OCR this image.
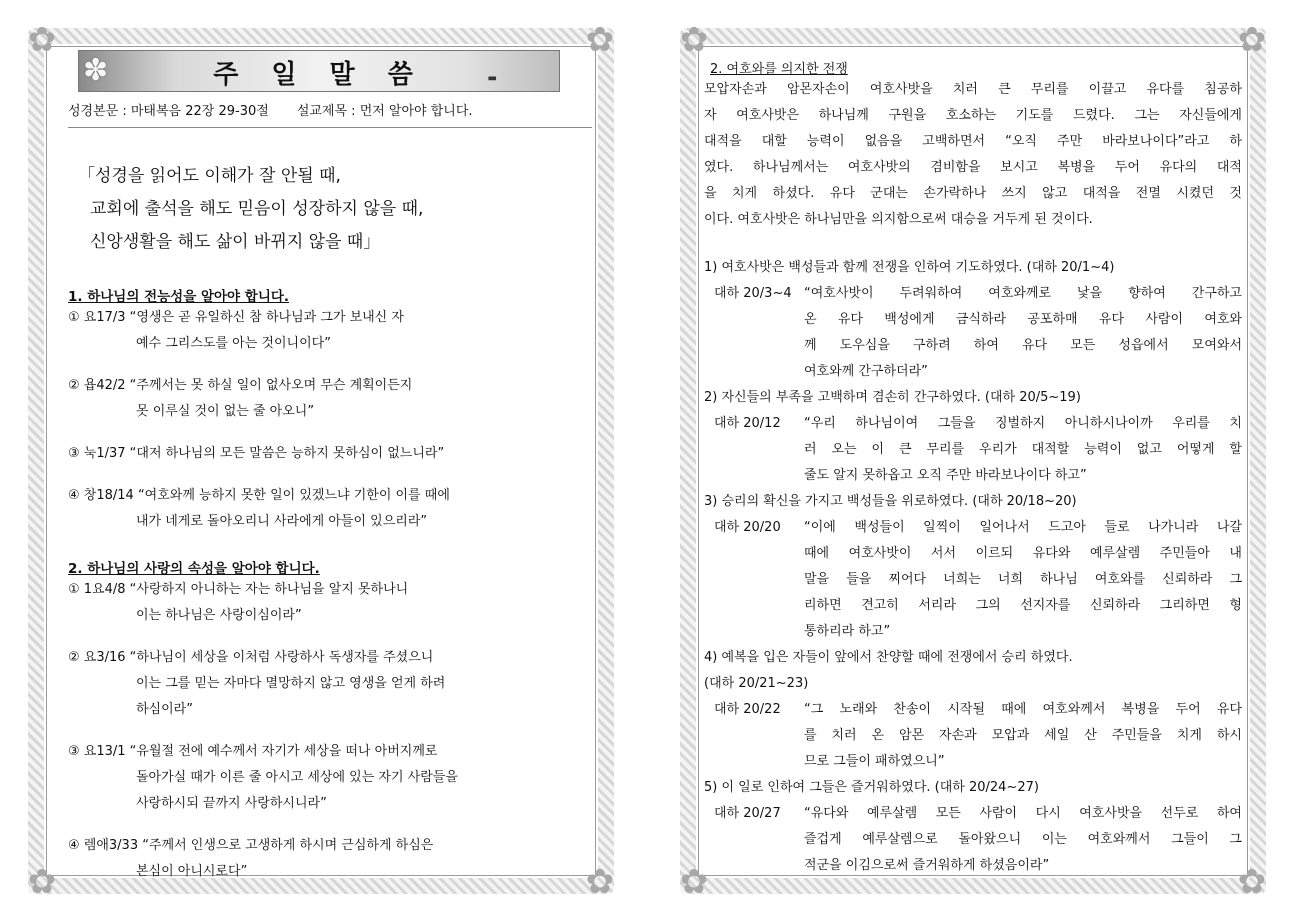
✿	✿
✿	✿
✽	주 일 말 씀	▬
성경본문 : 마태복음 22장 29-30절 설교제목 : 먼저 알아야 합니다.
「성경을 읽어도 이해가 잘 안될 때,
교회에 출석을 해도 믿음이 성장하지 않을 때,
신앙생활을 해도 삶이 바뀌지 않을 때」
1. 하나님의 전능성을 알아야 합니다.
① 요17/3 “영생은 곧 유일하신 참 하나님과 그가 보내신 자
예수 그리스도를 아는 것이니이다”
② 욥42/2 “주께서는 못 하실 일이 없사오며 무슨 계획이든지
못 이루실 것이 없는 줄 아오니”
③ 눅1/37 “대저 하나님의 모든 말씀은 능하지 못하심이 없느니라”
④ 창18/14 “여호와께 능하지 못한 일이 있겠느냐 기한이 이를 때에
내가 네게로 돌아오리니 사라에게 아들이 있으리라”
2. 하나님의 사랑의 속성을 알아야 합니다.
① 1요4/8 “사랑하지 아니하는 자는 하나님을 알지 못하나니
이는 하나님은 사랑이심이라”
② 요3/16 “하나님이 세상을 이처럼 사랑하사 독생자를 주셨으니
이는 그를 믿는 자마다 멸망하지 않고 영생을 얻게 하려
하심이라”
③ 요13/1 “유월절 전에 예수께서 자기가 세상을 떠나 아버지께로
돌아가실 때가 이른 줄 아시고 세상에 있는 자기 사람들을
사랑하시되 끝까지 사랑하시니라”
④ 렘애3/33 “주께서 인생으로 고생하게 하시며 근심하게 하심은
본심이 아니시로다”
✿	✿
✿	✿
2. 여호와를 의지한 전쟁
모압자손과 암몬자손이 여호사밧을 치러 큰 무리를 이끌고 유다를 침공하
자 여호사밧은 하나님께 구원을 호소하는 기도를 드렸다. 그는 자신들에게
대적을 대할 능력이 없음을 고백하면서 “오직 주만 바라보나이다”라고 하
였다. 하나님께서는 여호사밧의 겸비함을 보시고 복병을 두어 유다의 대적
을 치게 하셨다. 유다 군대는 손가락하나 쓰지 않고 대적을 전멸 시켰던 것
이다. 여호사밧은 하나님만을 의지함으로써 대승을 거두게 된 것이다.
1) 여호사밧은 백성들과 함께 전쟁을 인하여 기도하였다. (대하 20/1~4)
대하 20/3~4 “여호사밧이 두려워하여 여호와께로 낯을 향하여 간구하고
온 유다 백성에게 금식하라 공포하매 유다 사람이 여호와
께 도우심을 구하려 하여 유다 모든 성읍에서 모여와서
여호와께 간구하더라”
2) 자신들의 부족을 고백하며 겸손히 간구하였다. (대하 20/5~19)
대하 20/12	“우리 하나님이여 그들을 징벌하지 아니하시나이까 우리를 치
러 오는 이 큰 무리를 우리가 대적할 능력이 없고 어떻게 할
줄도 알지 못하옵고 오직 주만 바라보나이다 하고”
3) 승리의 확신을 가지고 백성들을 위로하였다. (대하 20/18~20)
대하 20/20	“이에 백성들이 일찍이 일어나서 드고아 들로 나가니라 나갈
때에 여호사밧이 서서 이르되 유다와 예루살렘 주민들아 내
말을 들을 찌어다 너희는 너희 하나님 여호와를 신뢰하라 그
리하면 견고히 서리라 그의 선지자를 신뢰하라 그리하면 형
통하리라 하고”
4) 예복을 입은 자들이 앞에서 찬양할 때에 전쟁에서 승리 하였다.
(대하 20/21~23)
대하 20/22	“그 노래와 찬송이 시작될 때에 여호와께서 복병을 두어 유다
를 치러 온 암몬 자손과 모압과 세일 산 주민들을 치게 하시
므로 그들이 패하였으니”
5) 이 일로 인하여 그들은 즐거워하였다. (대하 20/24~27)
대하 20/27	“유다와 예루살렘 모든 사람이 다시 여호사밧을 선두로 하여
즐겁게 예루살렘으로 돌아왔으니 이는 여호와께서 그들이 그
적군을 이김으로써 즐거워하게 하셨음이라”
